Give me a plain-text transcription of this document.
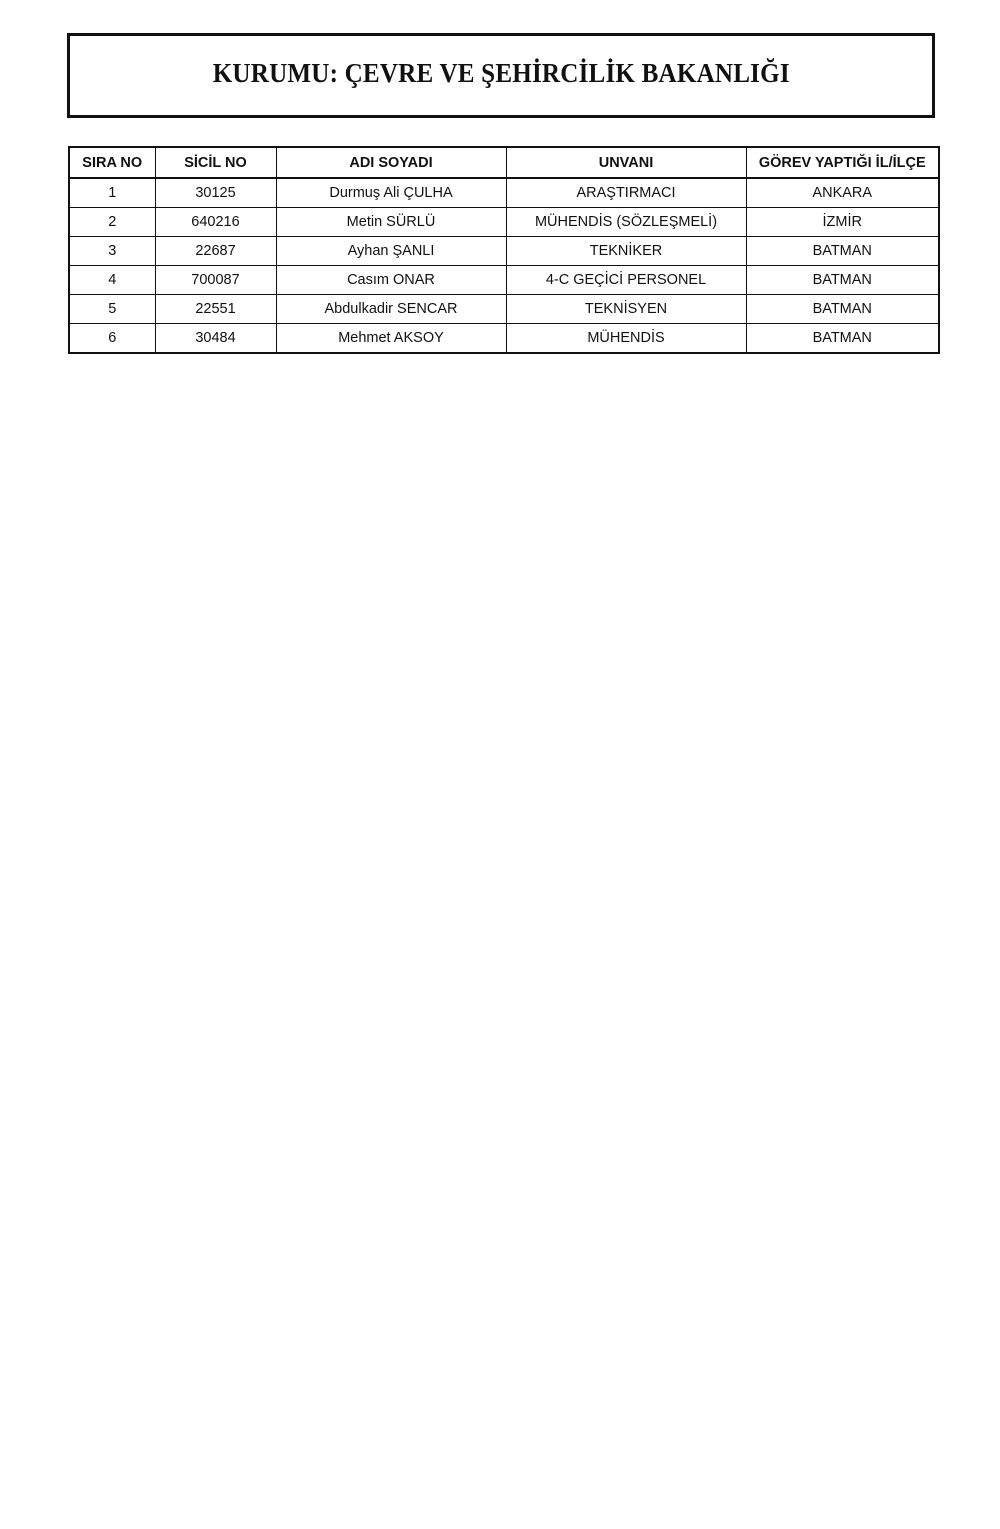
KURUMU: ÇEVRE VE ŞEHİRCİLİK BAKANLIĞI
SIRA NO	SİCİL NO	ADI SOYADI	UNVANI	GÖREV YAPTIĞI İL/İLÇE
1	30125	Durmuş Ali ÇULHA	ARAŞTIRMACI	ANKARA
2	640216	Metin SÜRLÜ	MÜHENDİS (SÖZLEŞMELİ)	İZMİR
3	22687	Ayhan ŞANLI	TEKNİKER	BATMAN
4	700087	Casım ONAR	4-C GEÇİCİ PERSONEL	BATMAN
5	22551	Abdulkadir SENCAR	TEKNİSYEN	BATMAN
6	30484	Mehmet AKSOY	MÜHENDİS	BATMAN
